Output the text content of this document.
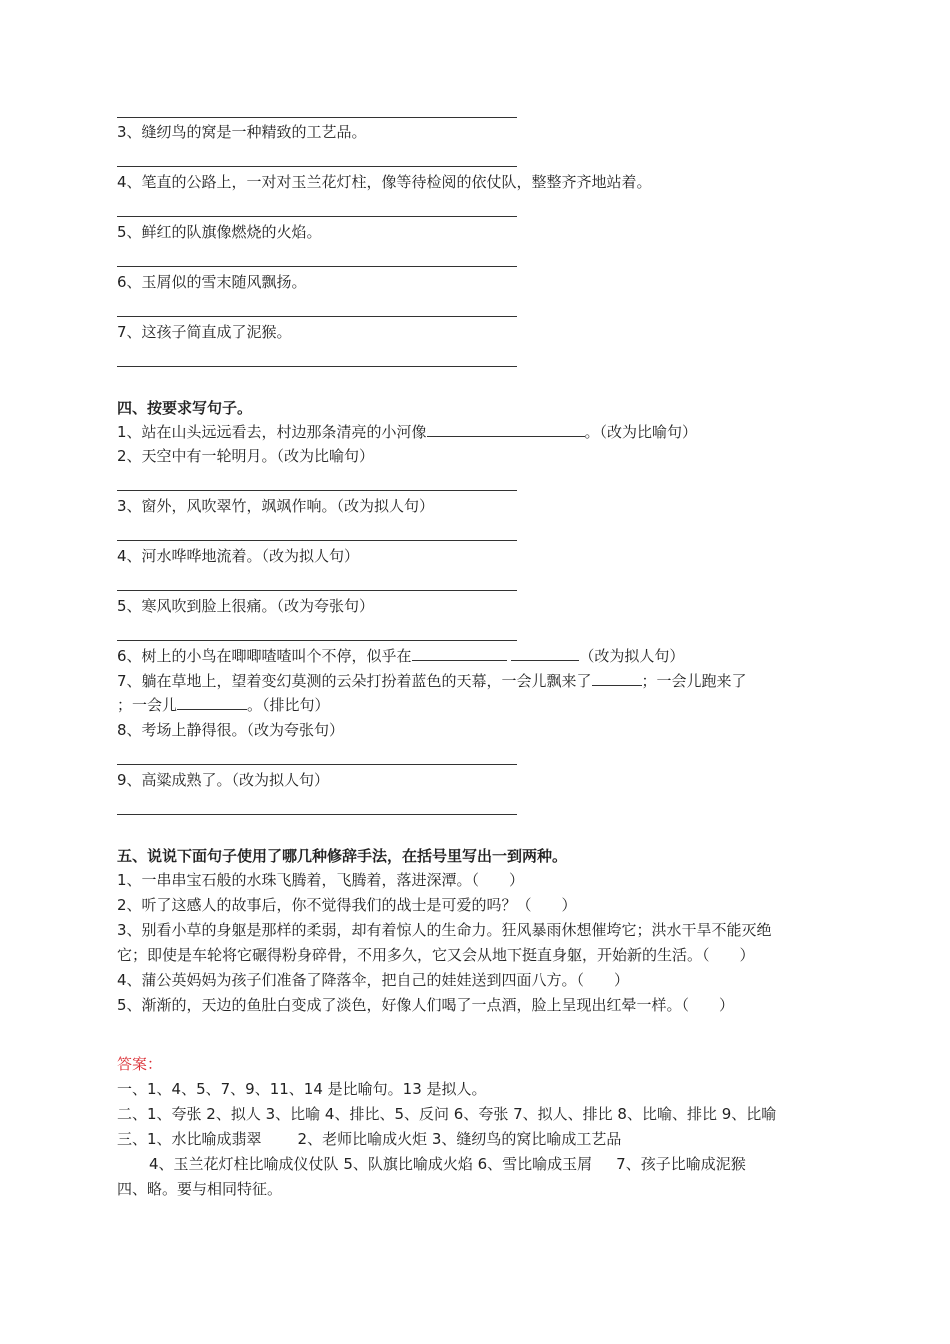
3、缝纫鸟的窝是一种精致的工艺品。
4、笔直的公路上，一对对玉兰花灯柱，像等待检阅的依仗队，整整齐齐地站着。
5、鲜红的队旗像燃烧的火焰。
6、玉屑似的雪末随风飘扬。
7、这孩子简直成了泥猴。
四、按要求写句子。
1、站在山头远远看去，村边那条清亮的小河像	。（改为比喻句）
2、天空中有一轮明月。（改为比喻句）
3、窗外，风吹翠竹，飒飒作响。（改为拟人句）
4、河水哗哗地流着。（改为拟人句）
5、寒风吹到脸上很痛。（改为夸张句）
6、树上的小鸟在唧唧喳喳叫个不停，似乎在	（改为拟人句）
7、躺在草地上，望着变幻莫测的云朵打扮着蓝色的天幕，一会儿飘来了	；一会儿跑来了
；一会儿	。（排比句）
8、考场上静得很。（改为夸张句）
9、高粱成熟了。（改为拟人句）
五、说说下面句子使用了哪几种修辞手法，在括号里写出一到两种。
1、一串串宝石般的水珠飞腾着，飞腾着，落进深潭。（　　）
2、听了这感人的故事后，你不觉得我们的战士是可爱的吗？（　　）
3、别看小草的身躯是那样的柔弱，却有着惊人的生命力。狂风暴雨休想催垮它；洪水干旱不能灭绝
它；即使是车轮将它碾得粉身碎骨，不用多久，它又会从地下挺直身躯，开始新的生活。（　　）
4、蒲公英妈妈为孩子们准备了降落伞，把自己的娃娃送到四面八方。（　　）
5、渐渐的，天边的鱼肚白变成了淡色，好像人们喝了一点酒，脸上呈现出红晕一样。（　　）
答案：
一、1、4、5、7、9、11、14 是比喻句。13 是拟人。
二、1、夸张 2、拟人 3、比喻 4、排比、5、反问 6、夸张 7、拟人、排比 8、比喻、排比 9、比喻
三、1、水比喻成翡翠 2、老师比喻成火炬 3、缝纫鸟的窝比喻成工艺品
4、玉兰花灯柱比喻成仪仗队 5、队旗比喻成火焰 6、雪比喻成玉屑 7、孩子比喻成泥猴
四、略。要与相同特征。
